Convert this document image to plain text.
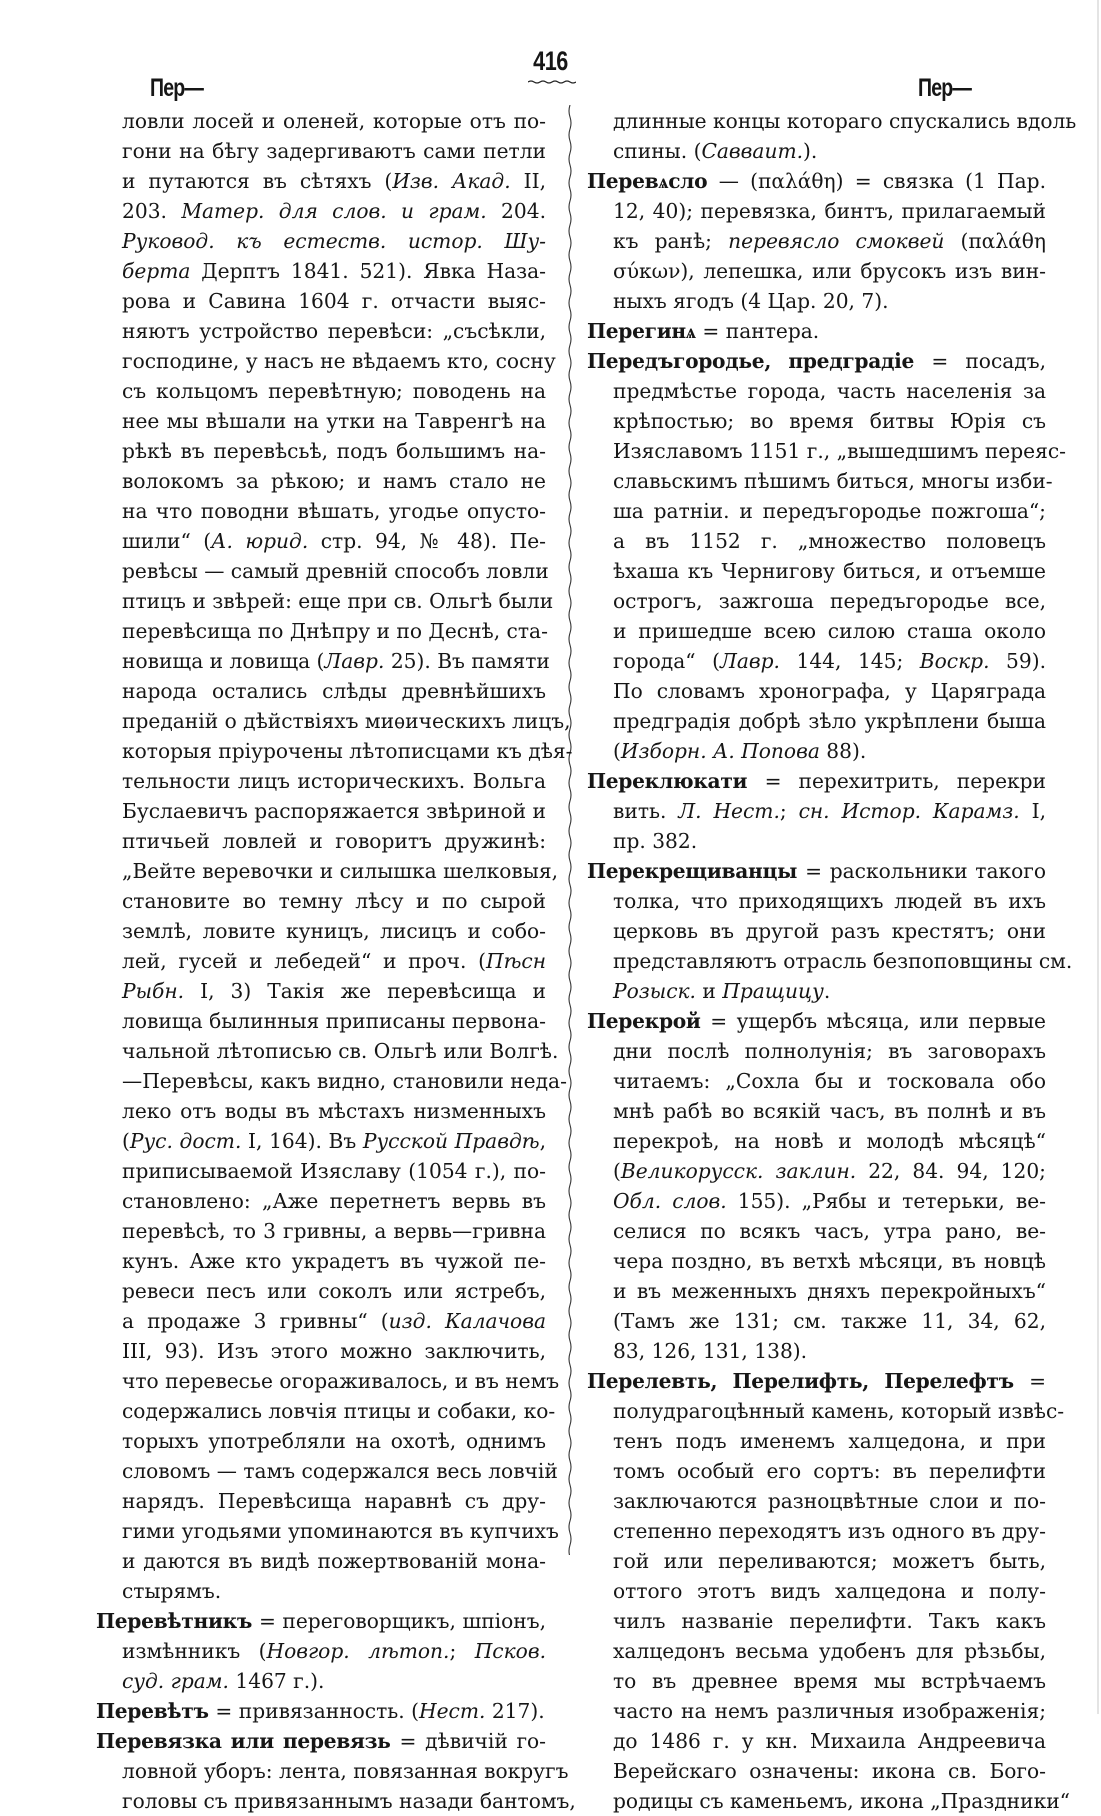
416
Пер—	Пер—
ловли лосей и оленей, которые отъ по-
гони на бѣгу задергиваютъ сами петли
и путаются въ сѣтяхъ (Изв. Акад. II,
203. Матер. для слов. и грам. 204.
Руковод. къ естеств. истор. Шу-
берта Дерптъ 1841. 521). Явка Наза-
рова и Савина 1604 г. отчасти выяс-
няютъ устройство перевѣси: „съсѣкли,
господине, у насъ не вѣдаемъ кто, сосну
съ кольцомъ перевѣтную; поводень на
нее мы вѣшали на утки на Тавренгѣ на
рѣкѣ въ перевѣсьѣ, подъ большимъ на-
волокомъ за рѣкою; и намъ стало не
на что поводни вѣшать, угодье опусто-
шили“ (А. юрид. стр. 94, № 48). Пе-
ревѣсы — самый древній способъ ловли
птицъ и звѣрей: еще при св. Ольгѣ были
перевѣсища по Днѣпру и по Деснѣ, ста-
новища и ловища (Лавр. 25). Въ памяти
народа остались слѣды древнѣйшихъ
преданій о дѣйствіяхъ миѳическихъ лицъ,
которыя пріурочены лѣтописцами къ дѣя-
тельности лицъ историческихъ. Вольга
Буслаевичъ распоряжается звѣриной и
птичьей ловлей и говоритъ дружинѣ:
„Вейте веревочки и силышка шелковыя,
становите во темну лѣсу и по сырой
землѣ, ловите куницъ, лисицъ и собо-
лей, гусей и лебедей“ и проч. (Пѣсн
Рыбн. I, 3) Такія же перевѣсища и
ловища былинныя приписаны первона-
чальной лѣтописью св. Ольгѣ или Волгѣ.
—Перевѣсы, какъ видно, становили неда-
леко отъ воды въ мѣстахъ низменныхъ
(Рус. дост. I, 164). Въ Русской Правдѣ,
приписываемой Изяславу (1054 г.), по-
становлено: „Аже перетнетъ вервь въ
перевѣсѣ, то 3 гривны, а вервь—гривна
кунъ. Аже кто украдетъ въ чужой пе-
ревеси песъ или соколъ или ястребъ,
а продаже 3 гривны“ (изд. Калачова
III, 93). Изъ этого можно заключить,
что перевесье огораживалось, и въ немъ
содержались ловчія птицы и собаки, ко-
торыхъ употребляли на охотѣ, однимъ
словомъ — тамъ содержался весь ловчій
нарядъ. Перевѣсища наравнѣ съ дру-
гими угодьями упоминаются въ купчихъ
и даются въ видѣ пожертвованій мона-
стырямъ.
Перевѣтникъ = переговорщикъ, шпіонъ,
измѣнникъ (Новгор. лѣтоп.; Псков.
суд. грам. 1467 г.).
Перевѣтъ = привязанность. (Нест. 217).
Перевязка или перевязь = дѣвичій го-
ловной уборъ: лента, повязанная вокругъ
головы съ привязаннымъ назади бантомъ,
длинные концы котораго спускались вдоль
спины. (Саввaит.).
Перевѧсло — (παλάθη) = связка (1 Пар.
12, 40); перевязка, бинтъ, прилагаемый
къ ранѣ; перевясло смоквей (παλάθη
σύκων), лепешка, или брусокъ изъ вин-
ныхъ ягодъ (4 Цар. 20, 7).
Перегинѧ = пантера.
Передъгородье, предградіе = посадъ,
предмѣстье города, часть населенія за
крѣпостью; во время битвы Юрія съ
Изяславомъ 1151 г., „вышедшимъ переяс-
славьскимъ пѣшимъ биться, многы изби-
ша ратніи. и передъгородье пожгоша“;
а въ 1152 г. „множество половецъ
ѣхаша къ Чернигову биться, и отъемше
острогъ, зажгоша передъгородье все,
и пришедше всею силою сташа около
города“ (Лавр. 144, 145; Воскр. 59).
По словамъ хронографа, у Царяграда
предградія добрѣ зѣло укрѣплени быша
(Изборн. А. Попова 88).
Переклюкати = перехитрить, перекри
вить. Л. Нест.; сн. Истор. Карамз. I,
пр. 382.
Перекрещиванцы = раскольники такого
толка, что приходящихъ людей въ ихъ
церковь въ другой разъ крестятъ; они
представляютъ отрасль безпоповщины см.
Розыск. и Пращицу.
Перекрой = ущербъ мѣсяца, или первые
дни послѣ полнолунія; въ заговорахъ
читаемъ: „Сохла бы и тосковала обо
мнѣ рабѣ во всякій часъ, въ полнѣ и въ
перекроѣ, на новѣ и молодѣ мѣсяцѣ“
(Великорусск. заклин. 22, 84. 94, 120;
Обл. слов. 155). „Рябы и тетерьки, ве-
селися по всякъ часъ, утра рано, ве-
чера поздно, въ ветхѣ мѣсяци, въ новцѣ
и въ меженныхъ дняхъ перекройныхъ“
(Тамъ же 131; см. также 11, 34, 62,
83, 126, 131, 138).
Перелевть, Перелифть, Перелефтъ =
полудрагоцѣнный камень, который извѣс-
тенъ подъ именемъ халцедона, и при
томъ особый его сортъ: въ перелифти
заключаются разноцвѣтные слои и по-
степенно переходятъ изъ одного въ дру-
гой или переливаются; можетъ быть,
оттого этотъ видъ халцедона и полу-
чилъ названіе перелифти. Такъ какъ
халцедонъ весьма удобенъ для рѣзьбы,
то въ древнее время мы встрѣчаемъ
часто на немъ различныя изображенія;
до 1486 г. у кн. Михаила Андреевича
Верейскаго означены: икона св. Бого-
родицы съ каменьемъ, икона „Праздники“
